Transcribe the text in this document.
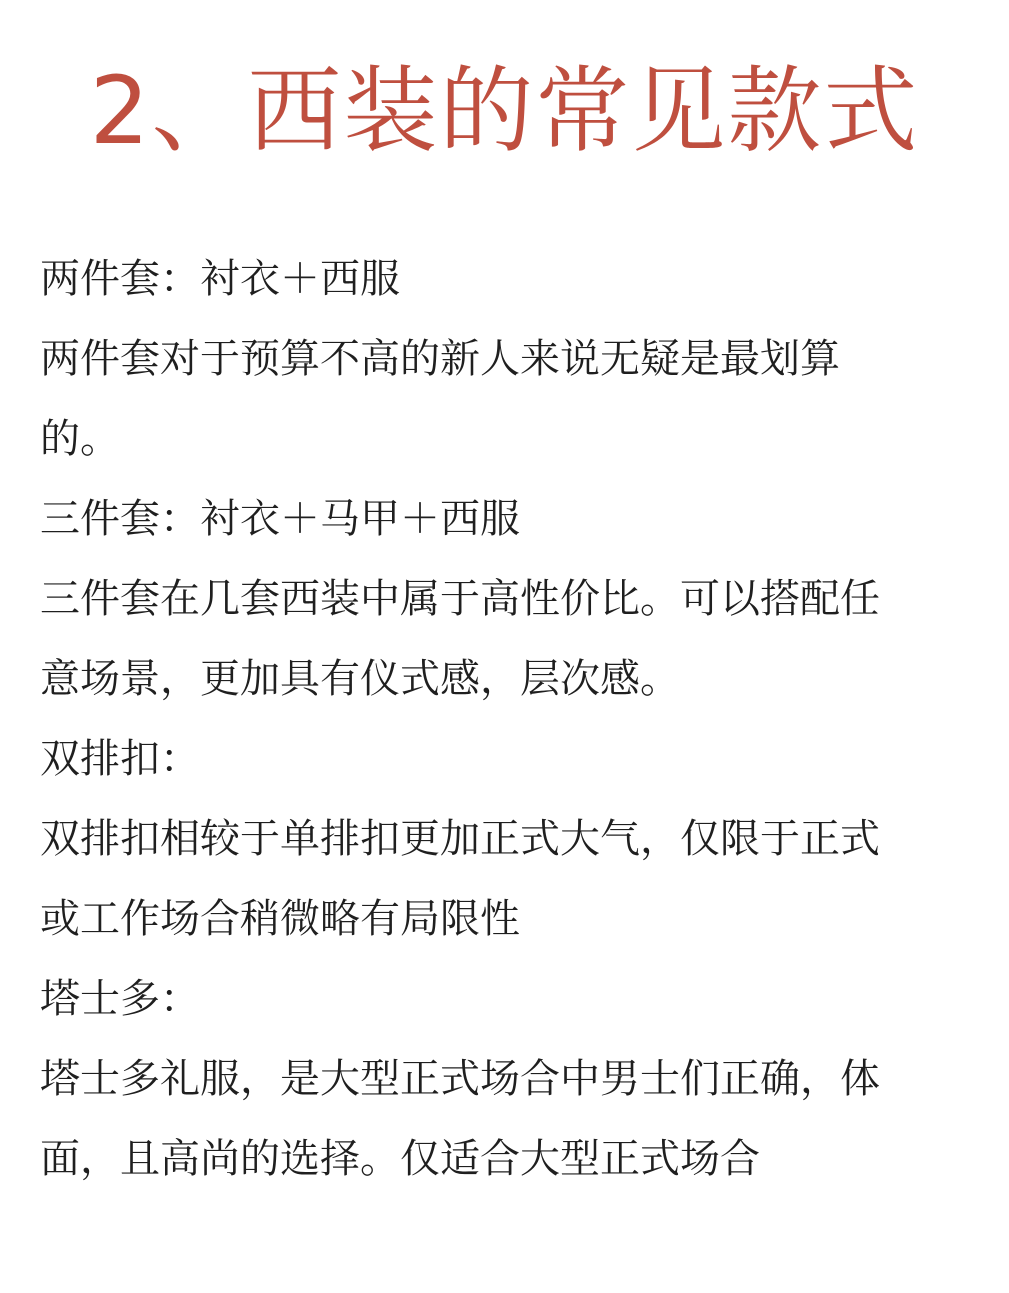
2、西装的常见款式
两件套：衬衣＋西服
两件套对于预算不高的新人来说无疑是最划算
的。
三件套：衬衣＋马甲＋西服
三件套在几套西装中属于高性价比。可以搭配任
意场景，更加具有仪式感，层次感。
双排扣：
双排扣相较于单排扣更加正式大气，仅限于正式
或工作场合稍微略有局限性
塔士多：
塔士多礼服，是大型正式场合中男士们正确，体
面，且高尚的选择。仅适合大型正式场合
